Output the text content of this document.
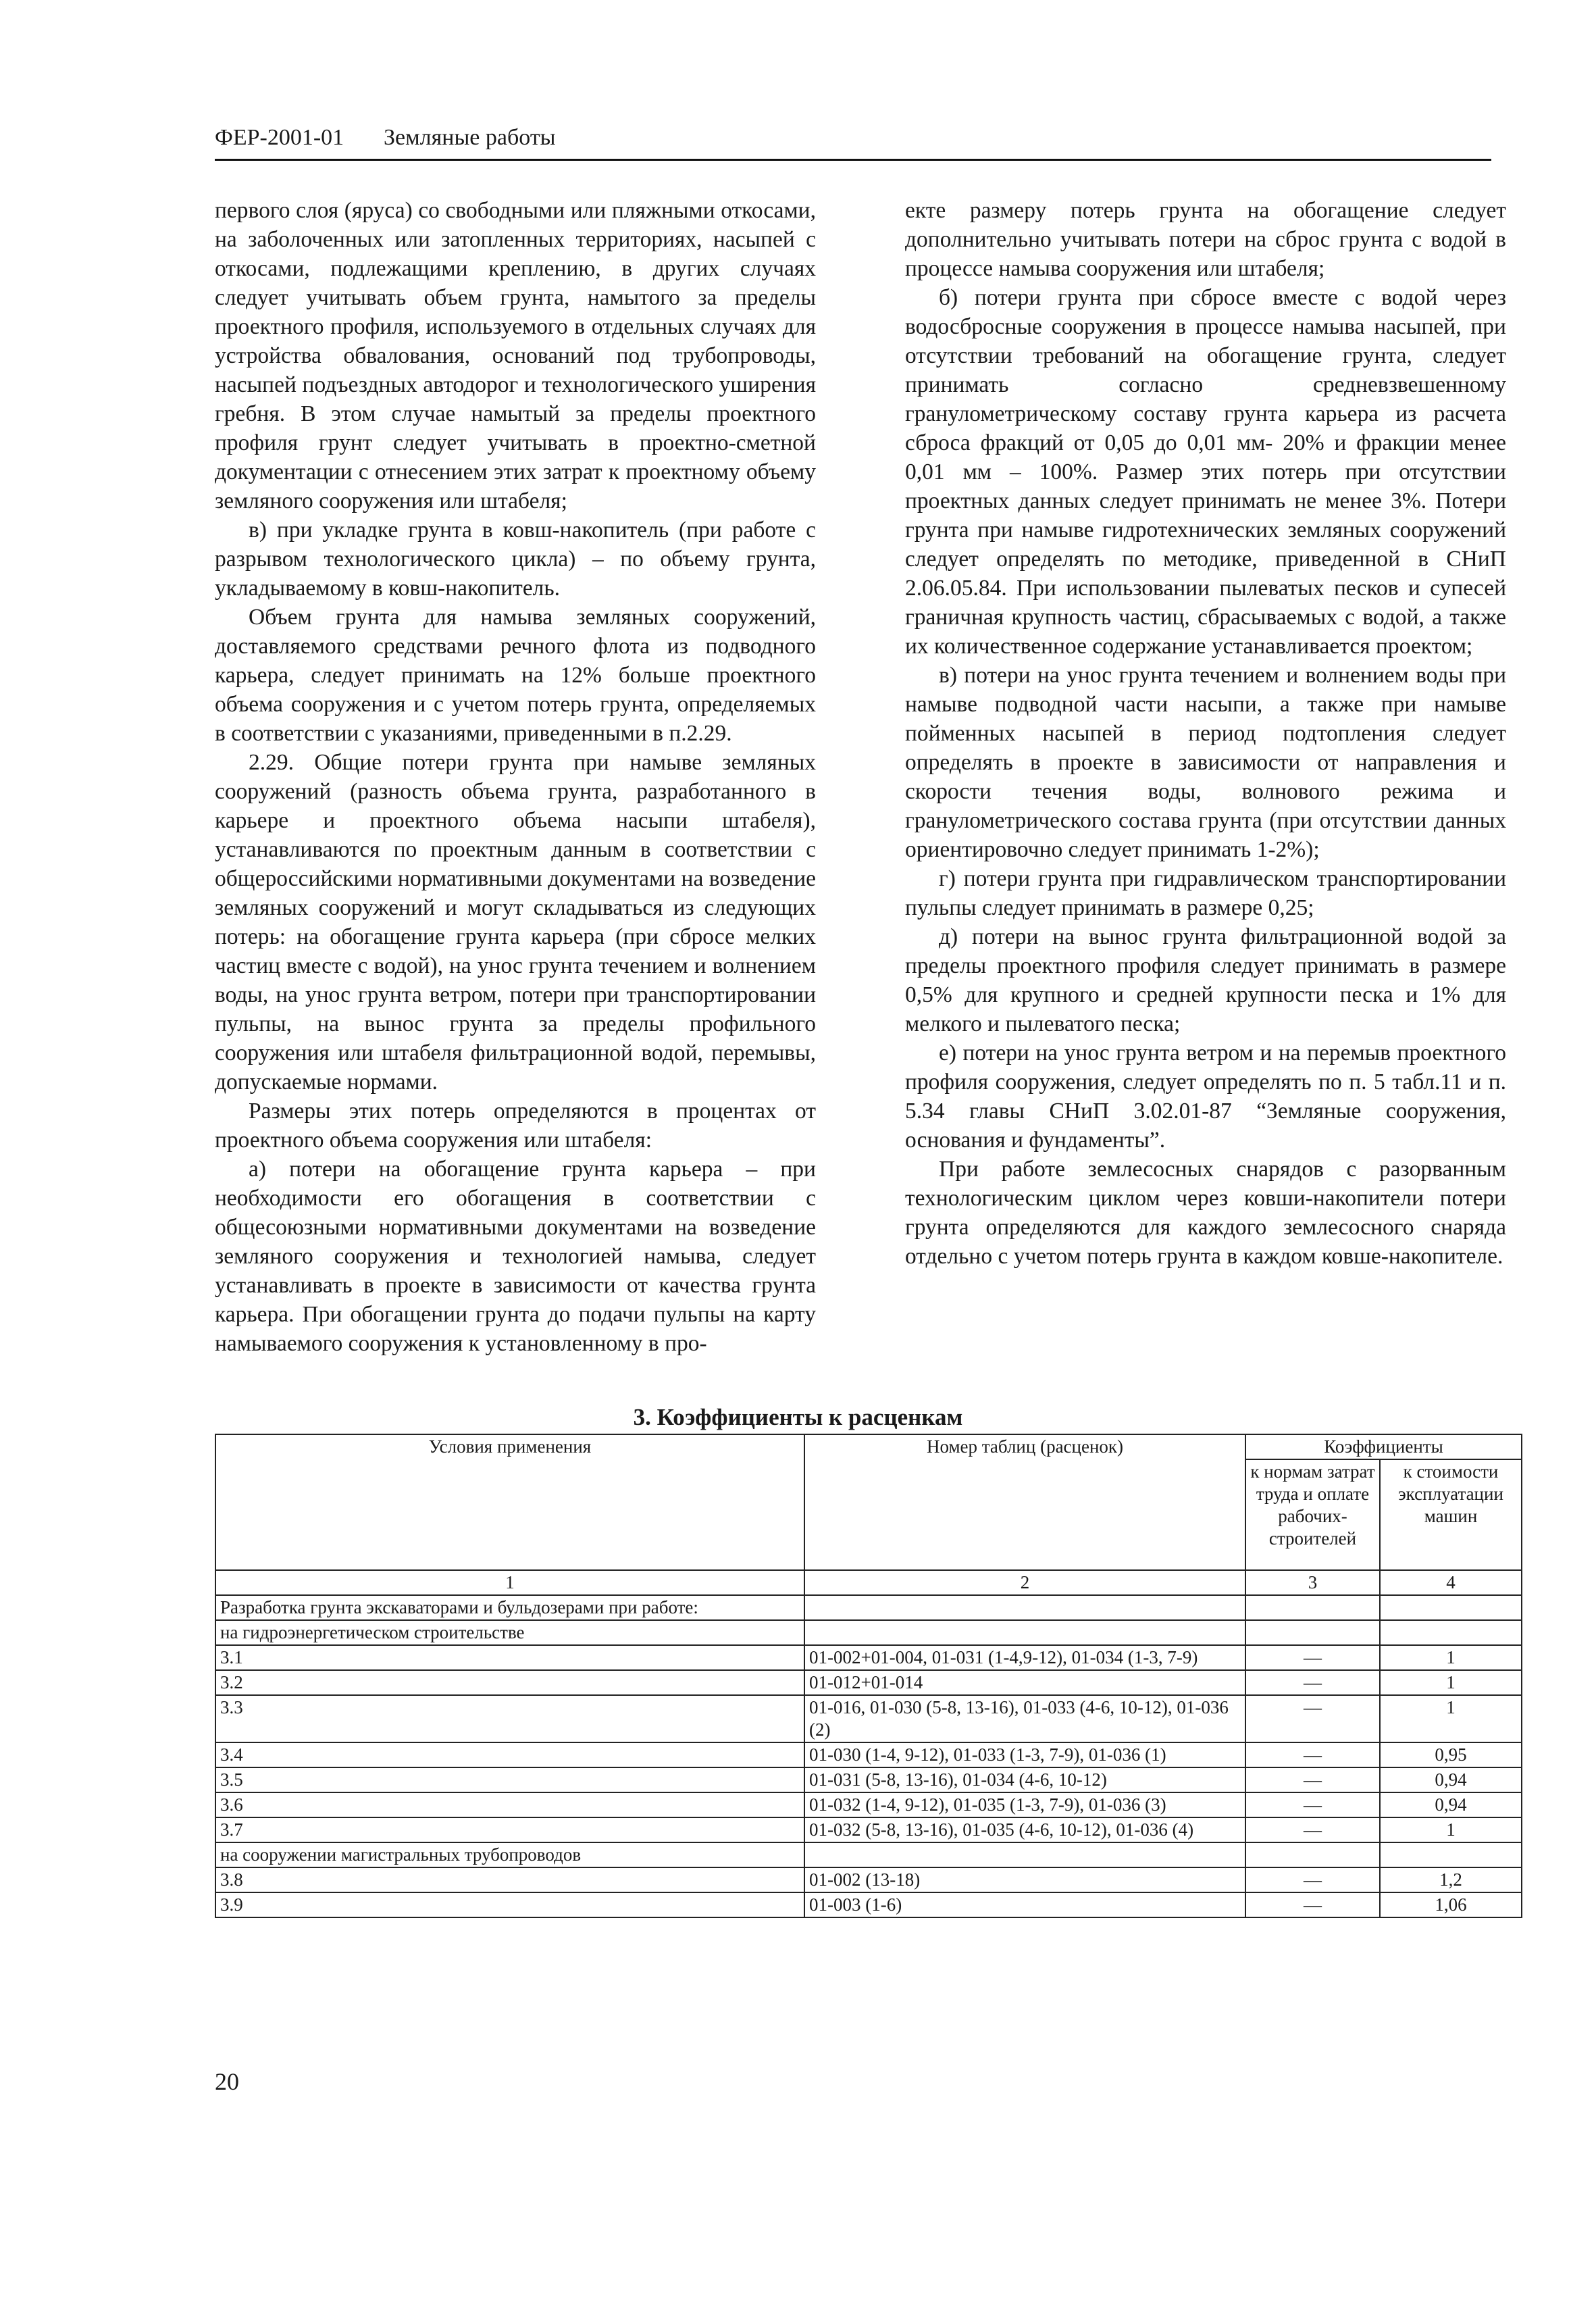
ФЕР-2001-01 Земляные работы

первого слоя (яруса) со свободными или пляжными откосами, на заболоченных или затопленных территориях, насыпей с откосами, подлежащими креплению, в других случаях следует учитывать объем грунта, намытого за пределы проектного профиля, используемого в отдельных случаях для устройства обвалования, оснований под трубопроводы, насыпей подъездных автодорог и технологического уширения гребня. В этом случае намытый за пределы проектного профиля грунт следует учитывать в проектно-сметной документации с отнесением этих затрат к проектному объему земляного сооружения или штабеля;

в) при укладке грунта в ковш-накопитель (при работе с разрывом технологического цикла) – по объему грунта, укладываемому в ковш-накопитель.

Объем грунта для намыва земляных сооружений, доставляемого средствами речного флота из подводного карьера, следует принимать на 12% больше проектного объема сооружения и с учетом потерь грунта, определяемых в соответствии с указаниями, приведенными в п.2.29.

2.29. Общие потери грунта при намыве земляных сооружений (разность объема грунта, разработанного в карьере и проектного объема насыпи штабеля), устанавливаются по проектным данным в соответствии с общероссийскими нормативными документами на возведение земляных сооружений и могут складываться из следующих потерь: на обогащение грунта карьера (при сбросе мелких частиц вместе с водой), на унос грунта течением и волнением воды, на унос грунта ветром, потери при транспортировании пульпы, на вынос грунта за пределы профильного сооружения или штабеля фильтрационной водой, перемывы, допускаемые нормами.

Размеры этих потерь определяются в процентах от проектного объема сооружения или штабеля:

а) потери на обогащение грунта карьера – при необходимости его обогащения в соответствии с общесоюзными нормативными документами на возведение земляного сооружения и технологией намыва, следует устанавливать в проекте в зависимости от качества грунта карьера. При обогащении грунта до подачи пульпы на карту намываемого сооружения к установленному в про-

екте размеру потерь грунта на обогащение следует дополнительно учитывать потери на сброс грунта с водой в процессе намыва сооружения или штабеля;

б) потери грунта при сбросе вместе с водой через водосбросные сооружения в процессе намыва насыпей, при отсутствии требований на обогащение грунта, следует принимать согласно средневзвешенному гранулометрическому составу грунта карьера из расчета сброса фракций от 0,05 до 0,01 мм- 20% и фракции менее 0,01 мм – 100%. Размер этих потерь при отсутствии проектных данных следует принимать не менее 3%. Потери грунта при намыве гидротехнических земляных сооружений следует определять по методике, приведенной в СНиП 2.06.05.84. При использовании пылеватых песков и супесей граничная крупность частиц, сбрасываемых с водой, а также их количественное содержание устанавливается проектом;

в) потери на унос грунта течением и волнением воды при намыве подводной части насыпи, а также при намыве пойменных насыпей в период подтопления следует определять в проекте в зависимости от направления и скорости течения воды, волнового режима и гранулометрического состава грунта (при отсутствии данных ориентировочно следует принимать 1-2%);

г) потери грунта при гидравлическом транспортировании пульпы следует принимать в размере 0,25;

д) потери на вынос грунта фильтрационной водой за пределы проектного профиля следует принимать в размере 0,5% для крупного и средней крупности песка и 1% для мелкого и пылеватого песка;

е) потери на унос грунта ветром и на перемыв проектного профиля сооружения, следует определять по п. 5 табл.11 и п. 5.34 главы СНиП 3.02.01-87 “Земляные сооружения, основания и фундаменты”.

При работе землесосных снарядов с разорванным технологическим циклом через ковши-накопители потери грунта определяются для каждого землесосного снаряда отдельно с учетом потерь грунта в каждом ковше-накопителе.

3. Коэффициенты к расценкам
Условия применения	Номер таблиц (расценок)	Коэффициенты	
		к нормам затрат труда и оплате рабочих-строителей	к стоимости эксплуатации машин
1	2	3	4
Разработка грунта экскаваторами и бульдозерами при работе:			
на гидроэнергетическом строительстве			
3.1	01-002+01-004, 01-031 (1-4,9-12), 01-034 (1-3, 7-9)	—	1
3.2	01-012+01-014	—	1
3.3	01-016, 01-030 (5-8, 13-16), 01-033 (4-6, 10-12), 01-036 (2)	—	1
3.4	01-030 (1-4, 9-12), 01-033 (1-3, 7-9), 01-036 (1)	—	0,95
3.5	01-031 (5-8, 13-16), 01-034 (4-6, 10-12)	—	0,94
3.6	01-032 (1-4, 9-12), 01-035 (1-3, 7-9), 01-036 (3)	—	0,94
3.7	01-032 (5-8, 13-16), 01-035 (4-6, 10-12), 01-036 (4)	—	1
на сооружении магистральных трубопроводов			
3.8	01-002 (13-18)	—	1,2
3.9	01-003 (1-6)	—	1,06
20
